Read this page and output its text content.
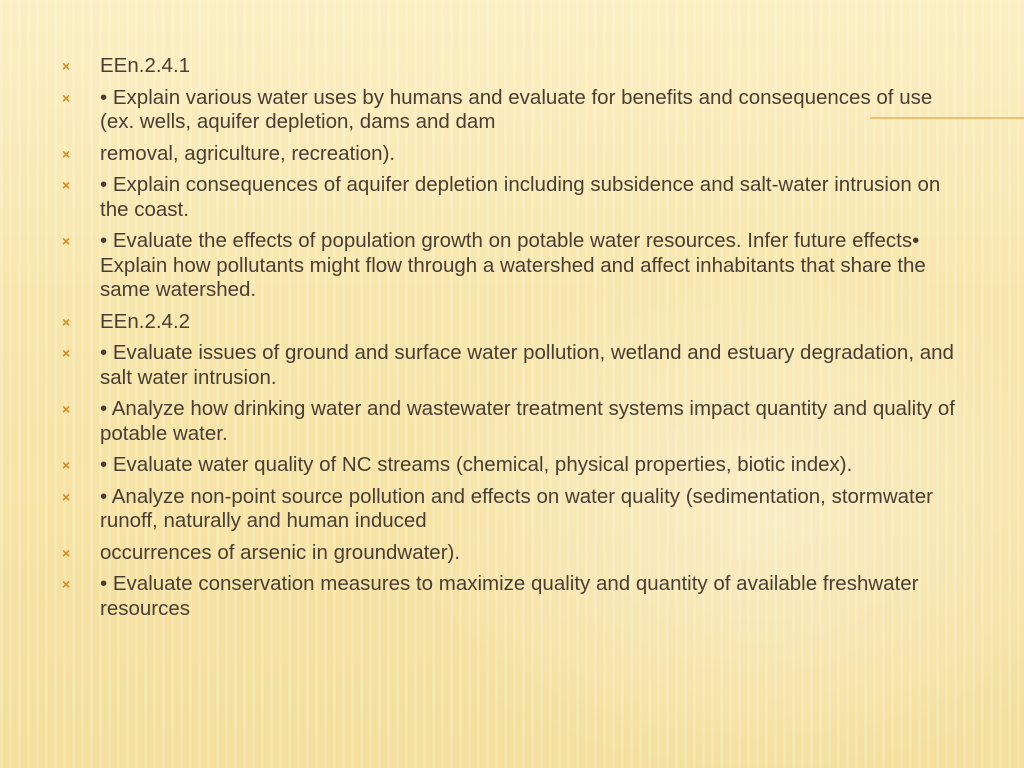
×	EEn.2.4.1
×	• Explain various water uses by humans and evaluate for benefits and consequences of use (ex. wells, aquifer depletion, dams and dam
×	removal, agriculture, recreation).
×	• Explain consequences of aquifer depletion including subsidence and salt-water intrusion on the coast.
×	• Evaluate the effects of population growth on potable water resources. Infer future effects• Explain how pollutants might flow through a watershed and affect inhabitants that share the same watershed.
×	EEn.2.4.2
×	• Evaluate issues of ground and surface water pollution, wetland and estuary degradation, and salt water intrusion.
×	• Analyze how drinking water and wastewater treatment systems impact quantity and quality of potable water.
×	• Evaluate water quality of NC streams (chemical, physical properties, biotic index).
×	• Analyze non-point source pollution and effects on water quality (sedimentation, stormwater runoff, naturally and human induced
×	occurrences of arsenic in groundwater).
×	• Evaluate conservation measures to maximize quality and quantity of available freshwater resources
